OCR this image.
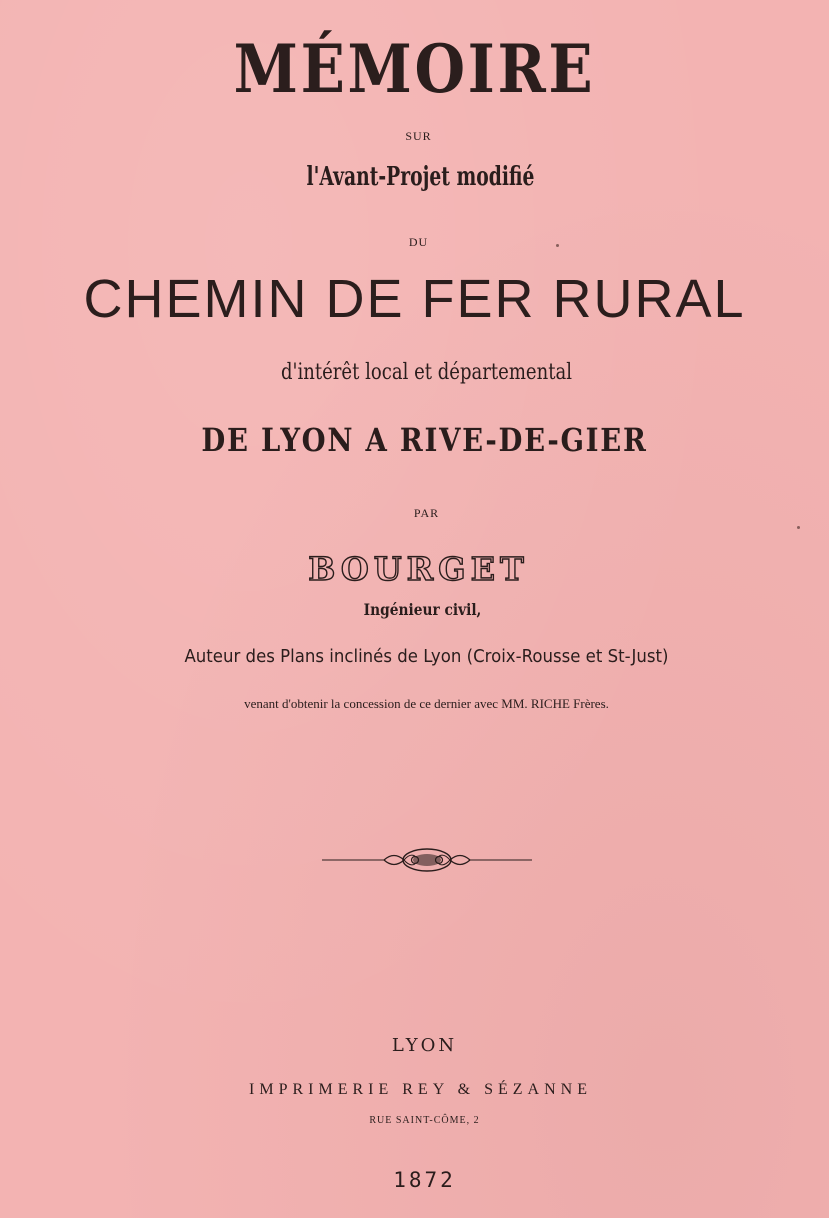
MÉMOIRE
SUR
l'Avant-Projet modifié
DU
CHEMIN DE FER RURAL
d'intérêt local et départemental
DE LYON A RIVE-DE-GIER
PAR
BOURGET
Ingénieur civil,
Auteur des Plans inclinés de Lyon (Croix-Rousse et St-Just)
venant d'obtenir la concession de ce dernier avec MM. RICHE Frères.
LYON
IMPRIMERIE REY & SÉZANNE
RUE SAINT-CÔME, 2
1872
